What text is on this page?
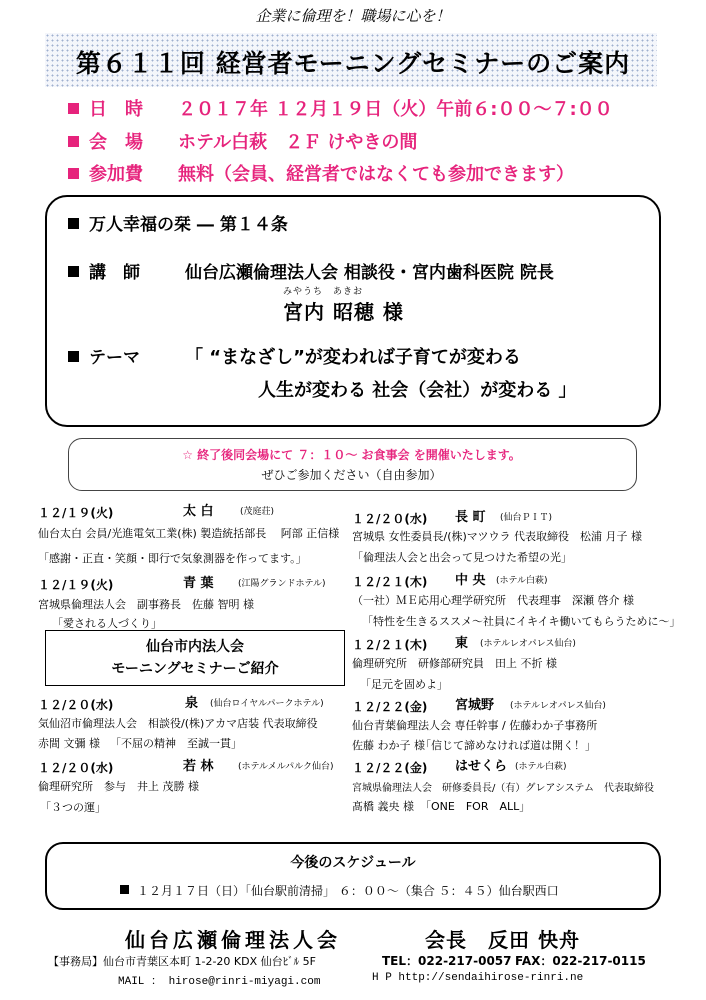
企業に倫理を！職場に心を！
第６１１回 経営者モーニングセミナーのご案内
日　時 ２０１７年 １２月１９日（火）午前６:００～７:００
会　場 ホテル白萩　２Ｆ けやきの間
参加費 無料（会員、経営者ではなくても参加できます）
万人幸福の栞 ― 第１４条
講　師	仙台広瀬倫理法人会 相談役・宮内歯科医院 院長
みやうち　あきお
宮内 昭穂 様
テーマ	「 “まなざし”が変われば子育てが変わる
人生が変わる 社会（会社）が変わる 」
☆ 終了後同会場にて ７：１０～ お食事会 を開催いたします。
ぜひご参加ください（自由参加）
１２/１９(火)	太 白	(茂庭荘)
仙台太白 会員/光進電気工業(株) 製造統括部長　 阿部 正信様
「感謝・正直・笑顔・即行で気象測器を作ってます。」
１２/１９(火)	青 葉	(江陽グランドホテル)
宮城県倫理法人会　副事務長　佐藤 智明 様
「愛される人づくり」
仙台市内法人会
モーニングセミナーご紹介
１２/２０(水)	泉 (仙台ロイヤルパークホテル)
気仙沼市倫理法人会　相談役/(株)アカマ店装 代表取締役
赤間 文彌 様 「不屈の精神　至誠一貫」
１２/２０(水)	若 林	(ホテルメルパルク仙台)
倫理研究所　参与　井上 茂勝 様
「３つの運」
１２/２０(水) 長 町 (仙台ＰＩＴ)
宮城県 女性委員長/(株)マツウラ 代表取締役　松浦 月子 様
「倫理法人会と出会って見つけた希望の光」
１２/２１(木) 中 央 (ホテル白萩)
（一社）ＭＥ応用心理学研究所　代表理事　深瀬 啓介 様
「特性を生きるススメ～社員にイキイキ働いてもらうために～」
１２/２１(木) 東 (ホテルレオパレス仙台)
倫理研究所　研修部研究員　田上 不折 様
「足元を固めよ」
１２/２２(金) 宮城野 (ホテルレオパレス仙台)
仙台青葉倫理法人会 専任幹事 / 佐藤わか子事務所
佐藤 わか子 様
「信じて諦めなければ道は開く！」
１２/２２(金) はせくら (ホテル白萩)
宮城県倫理法人会　研修委員長/（有）グレアシステム　代表取締役
髙橋 義央 様 「ONE　FOR　ALL」
今後のスケジュール
１２月１７日（日）「仙台駅前清掃」 ６：００～（集合 ５：４５）仙台駅西口
仙台広瀬倫理法人会	会長　反田 快舟
【事務局】仙台市青葉区本町 1-2-20 KDX 仙台ﾋﾞﾙ 5F	TEL：022-217-0057 FAX：022-217-0115
MAIL ： hirose@rinri-miyagi.com	H P http://sendaihirose-rinri.ne
